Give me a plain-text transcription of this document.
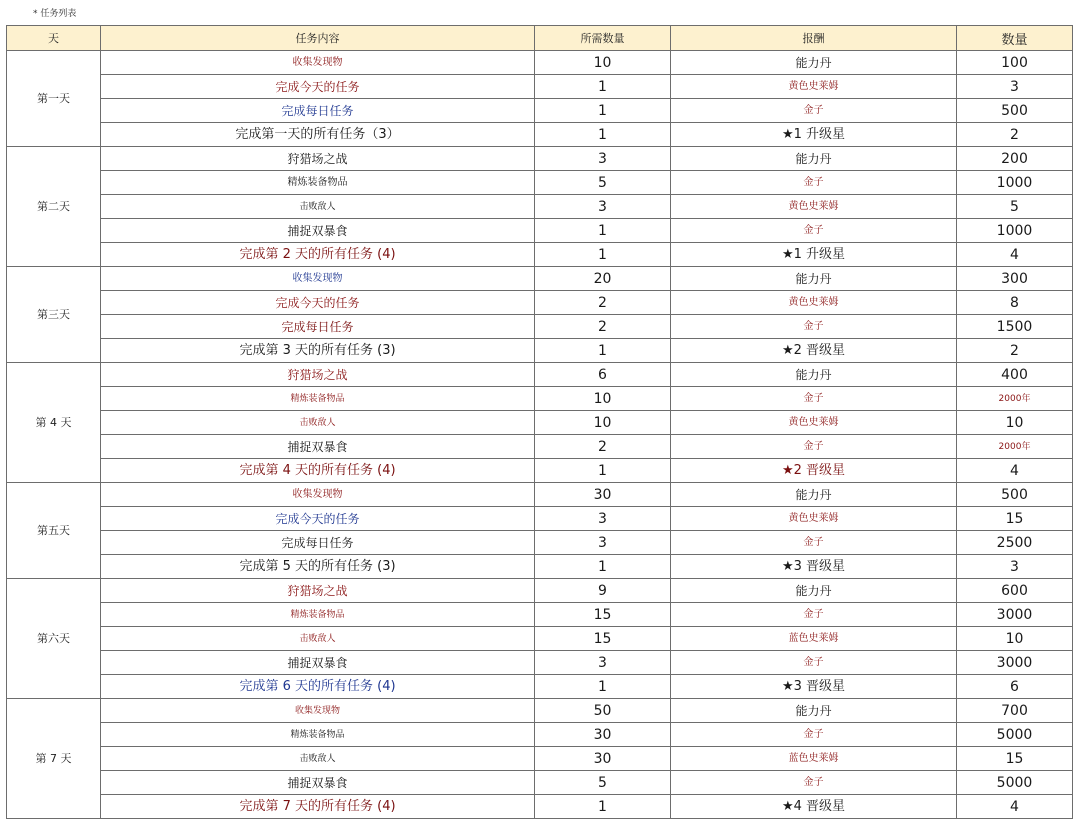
* 任务列表
天	任务内容	所需数量	报酬	数量
第一天	收集发现物	10	能力丹	100
	完成今天的任务	1	黄色史莱姆	3
	完成每日任务	1	金子	500
	完成第一天的所有任务（3）	1	★1 升级星	2
第二天	狩猎场之战	3	能力丹	200
	精炼装备物品	5	金子	1000
	击败敌人	3	黄色史莱姆	5
	捕捉双暴食	1	金子	1000
	完成第 2 天的所有任务 (4)	1	★1 升级星	4
第三天	收集发现物	20	能力丹	300
	完成今天的任务	2	黄色史莱姆	8
	完成每日任务	2	金子	1500
	完成第 3 天的所有任务 (3)	1	★2 晋级星	2
第 4 天	狩猎场之战	6	能力丹	400
	精炼装备物品	10	金子	2000年
	击败敌人	10	黄色史莱姆	10
	捕捉双暴食	2	金子	2000年
	完成第 4 天的所有任务 (4)	1	★2 晋级星	4
第五天	收集发现物	30	能力丹	500
	完成今天的任务	3	黄色史莱姆	15
	完成每日任务	3	金子	2500
	完成第 5 天的所有任务 (3)	1	★3 晋级星	3
第六天	狩猎场之战	9	能力丹	600
	精炼装备物品	15	金子	3000
	击败敌人	15	蓝色史莱姆	10
	捕捉双暴食	3	金子	3000
	完成第 6 天的所有任务 (4)	1	★3 晋级星	6
第 7 天	收集发现物	50	能力丹	700
	精炼装备物品	30	金子	5000
	击败敌人	30	蓝色史莱姆	15
	捕捉双暴食	5	金子	5000
	完成第 7 天的所有任务 (4)	1	★4 晋级星	4
